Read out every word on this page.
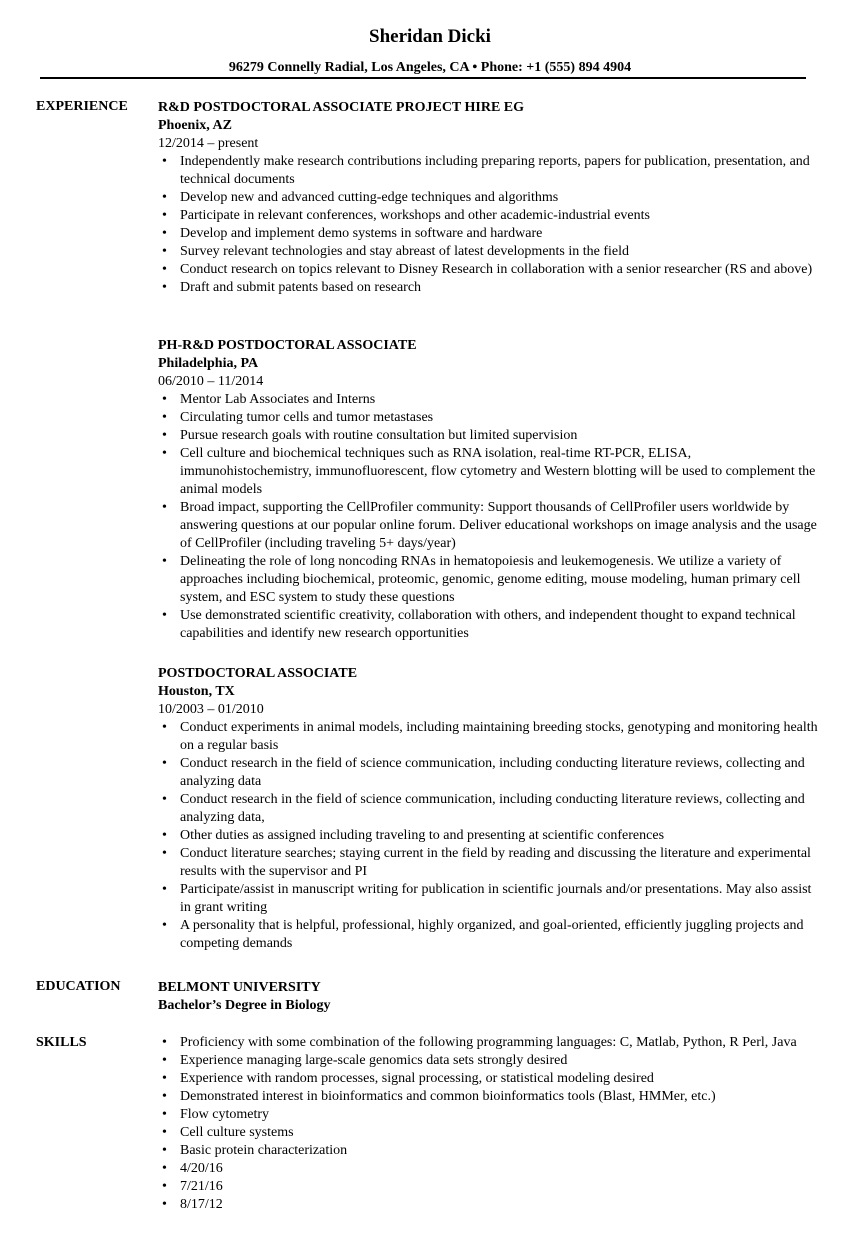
Sheridan Dicki
96279 Connelly Radial, Los Angeles, CA • Phone: +1 (555) 894 4904
EXPERIENCE	R&D POSTDOCTORAL ASSOCIATE PROJECT HIRE EG
Phoenix, AZ
12/2014 – present
• Independently make research contributions including preparing reports, papers for publication, presentation, and technical documents
• Develop new and advanced cutting-edge techniques and algorithms
• Participate in relevant conferences, workshops and other academic-industrial events
• Develop and implement demo systems in software and hardware
• Survey relevant technologies and stay abreast of latest developments in the field
• Conduct research on topics relevant to Disney Research in collaboration with a senior researcher (RS and above)
• Draft and submit patents based on research
PH-R&D POSTDOCTORAL ASSOCIATE
Philadelphia, PA
06/2010 – 11/2014
• Mentor Lab Associates and Interns
• Circulating tumor cells and tumor metastases
• Pursue research goals with routine consultation but limited supervision
• Cell culture and biochemical techniques such as RNA isolation, real-time RT-PCR, ELISA, immunohistochemistry, immunofluorescent, flow cytometry and Western blotting will be used to complement the animal models
• Broad impact, supporting the CellProfiler community: Support thousands of CellProfiler users worldwide by answering questions at our popular online forum. Deliver educational workshops on image analysis and the usage of CellProfiler (including traveling 5+ days/year)
• Delineating the role of long noncoding RNAs in hematopoiesis and leukemogenesis. We utilize a variety of approaches including biochemical, proteomic, genomic, genome editing, mouse modeling, human primary cell system, and ESC system to study these questions
• Use demonstrated scientific creativity, collaboration with others, and independent thought to expand technical capabilities and identify new research opportunities
POSTDOCTORAL ASSOCIATE
Houston, TX
10/2003 – 01/2010
• Conduct experiments in animal models, including maintaining breeding stocks, genotyping and monitoring health on a regular basis
• Conduct research in the field of science communication, including conducting literature reviews, collecting and analyzing data
• Conduct research in the field of science communication, including conducting literature reviews, collecting and analyzing data,
• Other duties as assigned including traveling to and presenting at scientific conferences
• Conduct literature searches; staying current in the field by reading and discussing the literature and experimental results with the supervisor and PI
• Participate/assist in manuscript writing for publication in scientific journals and/or presentations. May also assist in grant writing
• A personality that is helpful, professional, highly organized, and goal-oriented, efficiently juggling projects and competing demands
EDUCATION	BELMONT UNIVERSITY
Bachelor’s Degree in Biology
SKILLS
•	Proficiency with some combination of the following programming languages: C, Matlab, Python, R Perl, Java
• Experience managing large-scale genomics data sets strongly desired
• Experience with random processes, signal processing, or statistical modeling desired
• Demonstrated interest in bioinformatics and common bioinformatics tools (Blast, HMMer, etc.)
• Flow cytometry
• Cell culture systems
• Basic protein characterization
• 4/20/16
• 7/21/16
• 8/17/12
